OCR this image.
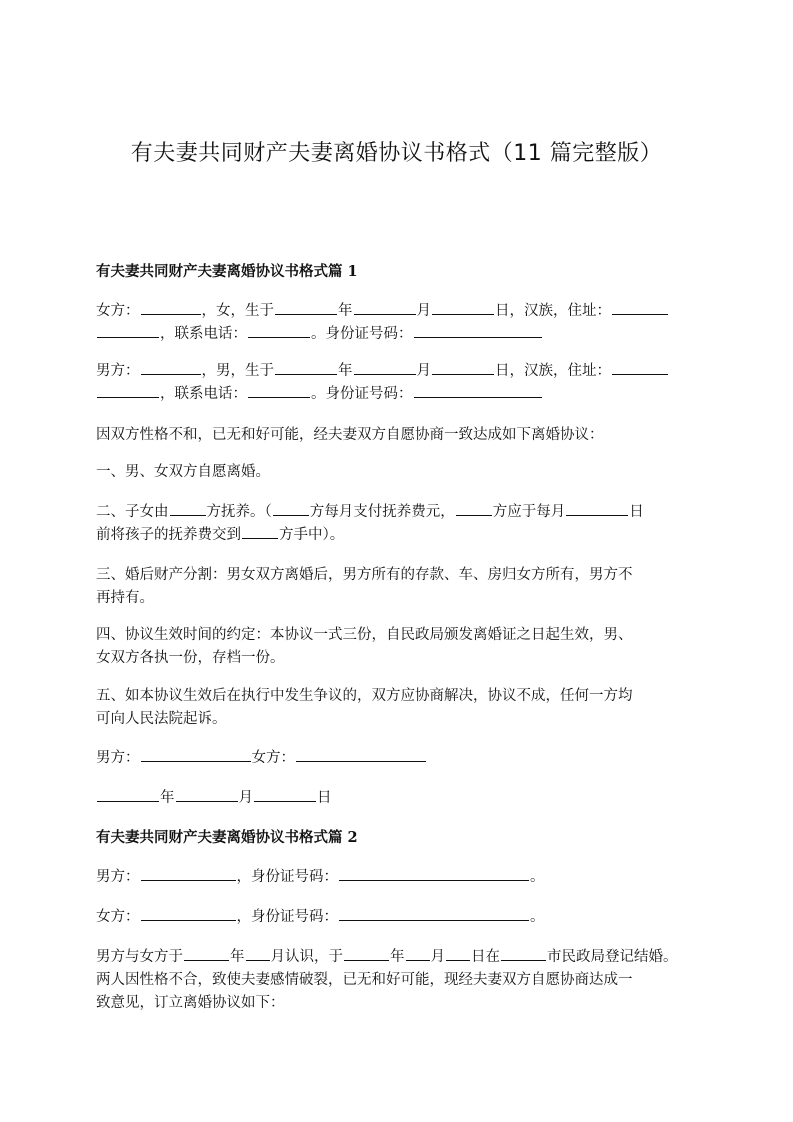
有夫妻共同财产夫妻离婚协议书格式（11 篇完整版）
有夫妻共同财产夫妻离婚协议书格式篇 1
女方：	，女，生于	年	月	日，汉族，住址：
，联系电话：	。身份证号码：
男方：	，男，生于	年	月	日，汉族，住址：
，联系电话：	。身份证号码：
因双方性格不和，已无和好可能，经夫妻双方自愿协商一致达成如下离婚协议：
一、男、女双方自愿离婚。
二、子女由	方抚养。（	方每月支付抚养费元，	方应于每月	日
前将孩子的抚养费交到	方手中）。
三、婚后财产分割：男女双方离婚后，男方所有的存款、车、房归女方所有，男方不
再持有。
四、协议生效时间的约定：本协议一式三份，自民政局颁发离婚证之日起生效，男、
女双方各执一份，存档一份。
五、如本协议生效后在执行中发生争议的，双方应协商解决，协议不成，任何一方均
可向人民法院起诉。
男方：	女方：
年	月	日
有夫妻共同财产夫妻离婚协议书格式篇 2
男方：	，身份证号码：	。
女方：	，身份证号码：	。
男方与女方于	年 月认识，于	年 月 日在	市民政局登记结婚。
两人因性格不合，致使夫妻感情破裂，已无和好可能，现经夫妻双方自愿协商达成一
致意见，订立离婚协议如下：
